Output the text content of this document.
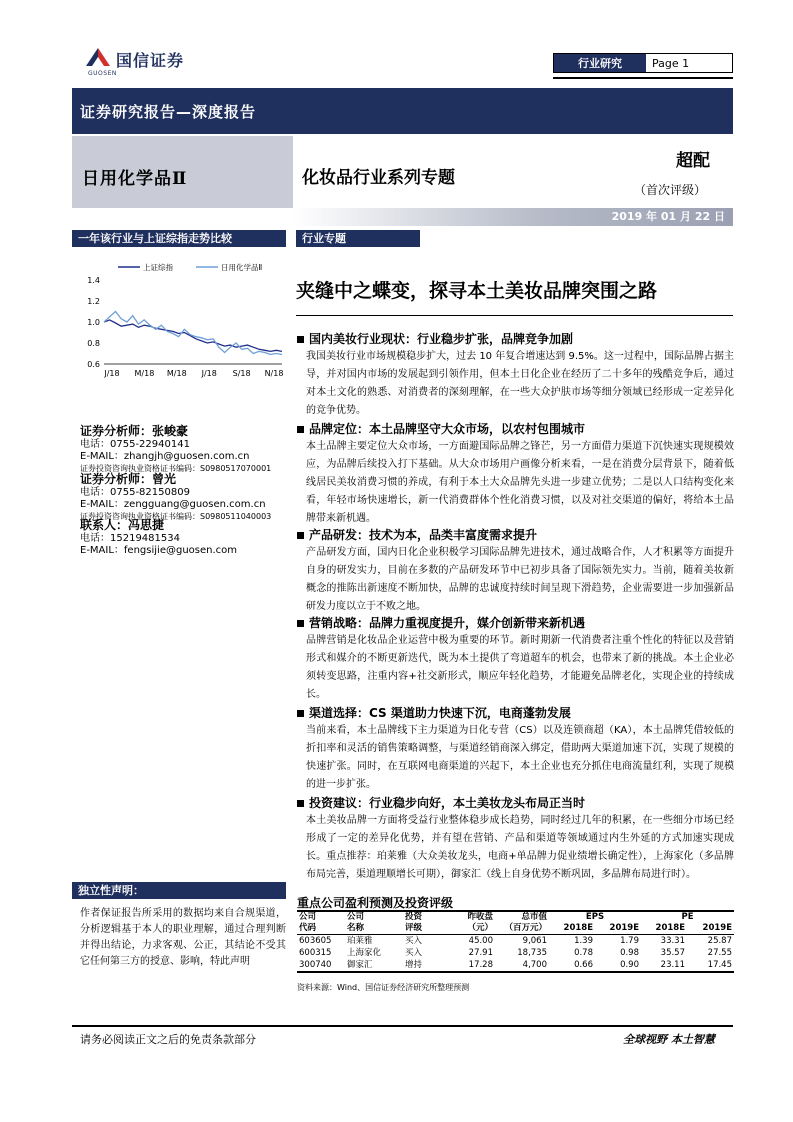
国信证券
GUOSEN
行业研究	Page 1
证券研究报告—深度报告
日用化学品Ⅱ	化妆品行业系列专题
超配
（首次评级）
2019 年 01 月 22 日
一年该行业与上证综指走势比较
1.4
1.2
1.0
0.8
0.6
J/18 M/18 M/18 J/18 S/18 N/18
上证综指	日用化学品Ⅱ
证券分析师：张峻豪
电话：0755-22940141
E-MAIL：zhangjh@guosen.com.cn
证券投资咨询执业资格证书编码：S0980517070001
证券分析师：曾光
电话：0755-82150809
E-MAIL：zengguang@guosen.com.cn
证券投资咨询执业资格证书编码：S0980511040003
联系人：冯思捷
电话：15219481534
E-MAIL：fengsijie@guosen.com
独立性声明：
作者保证报告所采用的数据均来自合规渠道，分析逻辑基于本人的职业理解，通过合理判断并得出结论，力求客观、公正，其结论不受其它任何第三方的授意、影响，特此声明
行业专题
夹缝中之蝶变，探寻本土美妆品牌突围之路
国内美妆行业现状：行业稳步扩张，品牌竞争加剧
我国美妆行业市场规模稳步扩大，过去 10 年复合增速达到 9.5%。这一过程中，国际品牌占据主导，并对国内市场的发展起到引领作用，但本土日化企业在经历了二十多年的残酷竞争后，通过对本土文化的熟悉、对消费者的深刻理解，在一些大众护肤市场等细分领域已经形成一定差异化的竞争优势。
品牌定位：本土品牌坚守大众市场，以农村包围城市
本土品牌主要定位大众市场，一方面避国际品牌之锋芒，另一方面借力渠道下沉快速实现规模效应，为品牌后续投入打下基础。从大众市场用户画像分析来看，一是在消费分层背景下，随着低线居民美妆消费习惯的养成，有利于本土大众品牌先头进一步建立优势；二是以人口结构变化来看，年轻市场快速增长，新一代消费群体个性化消费习惯，以及对社交渠道的偏好，将给本土品牌带来新机遇。
产品研发：技术为本，品类丰富度需求提升
产品研发方面，国内日化企业积极学习国际品牌先进技术，通过战略合作，人才积累等方面提升自身的研发实力，目前在多数的产品研发环节中已初步具备了国际领先实力。当前，随着美妆新概念的推陈出新速度不断加快，品牌的忠诚度持续时间呈现下滑趋势，企业需要进一步加强新品研发力度以立于不败之地。
营销战略：品牌力重视度提升，媒介创新带来新机遇
品牌营销是化妆品企业运营中极为重要的环节。新时期新一代消费者注重个性化的特征以及营销形式和媒介的不断更新迭代，既为本土提供了弯道超车的机会，也带来了新的挑战。本土企业必须转变思路，注重内容+社交新形式，顺应年轻化趋势，才能避免品牌老化，实现企业的持续成长。
渠道选择：CS 渠道助力快速下沉，电商蓬勃发展
当前来看，本土品牌线下主力渠道为日化专营（CS）以及连锁商超（KA），本土品牌凭借较低的折扣率和灵活的销售策略调整，与渠道经销商深入绑定，借助两大渠道加速下沉，实现了规模的快速扩张。同时，在互联网电商渠道的兴起下，本土企业也充分抓住电商流量红利，实现了规模的进一步扩张。
投资建议：行业稳步向好，本土美妆龙头布局正当时
本土美妆品牌一方面将受益行业整体稳步成长趋势，同时经过几年的积累，在一些细分市场已经形成了一定的差异化优势，并有望在营销、产品和渠道等领域通过内生外延的方式加速实现成长。重点推荐：珀莱雅（大众美妆龙头，电商+单品牌力促业绩增长确定性），上海家化（多品牌布局完善，渠道理顺增长可期），御家汇（线上自身优势不断巩固，多品牌布局进行时）。
重点公司盈利预测及投资评级
公司	公司	投资	昨收盘	总市值	EPS		PE	
代码	名称	评级	（元）	（百万元）	2018E	2019E	2018E	2019E
603605	珀莱雅	买入	45.00	9,061	1.39	1.79	33.31	25.87
600315	上海家化	买入	27.91	18,735	0.78	0.98	35.57	27.55
300740	御家汇	增持	17.28	4,700	0.66	0.90	23.11	17.45
资料来源：Wind、国信证券经济研究所整理预测
请务必阅读正文之后的免责条款部分	全球视野 本土智慧
